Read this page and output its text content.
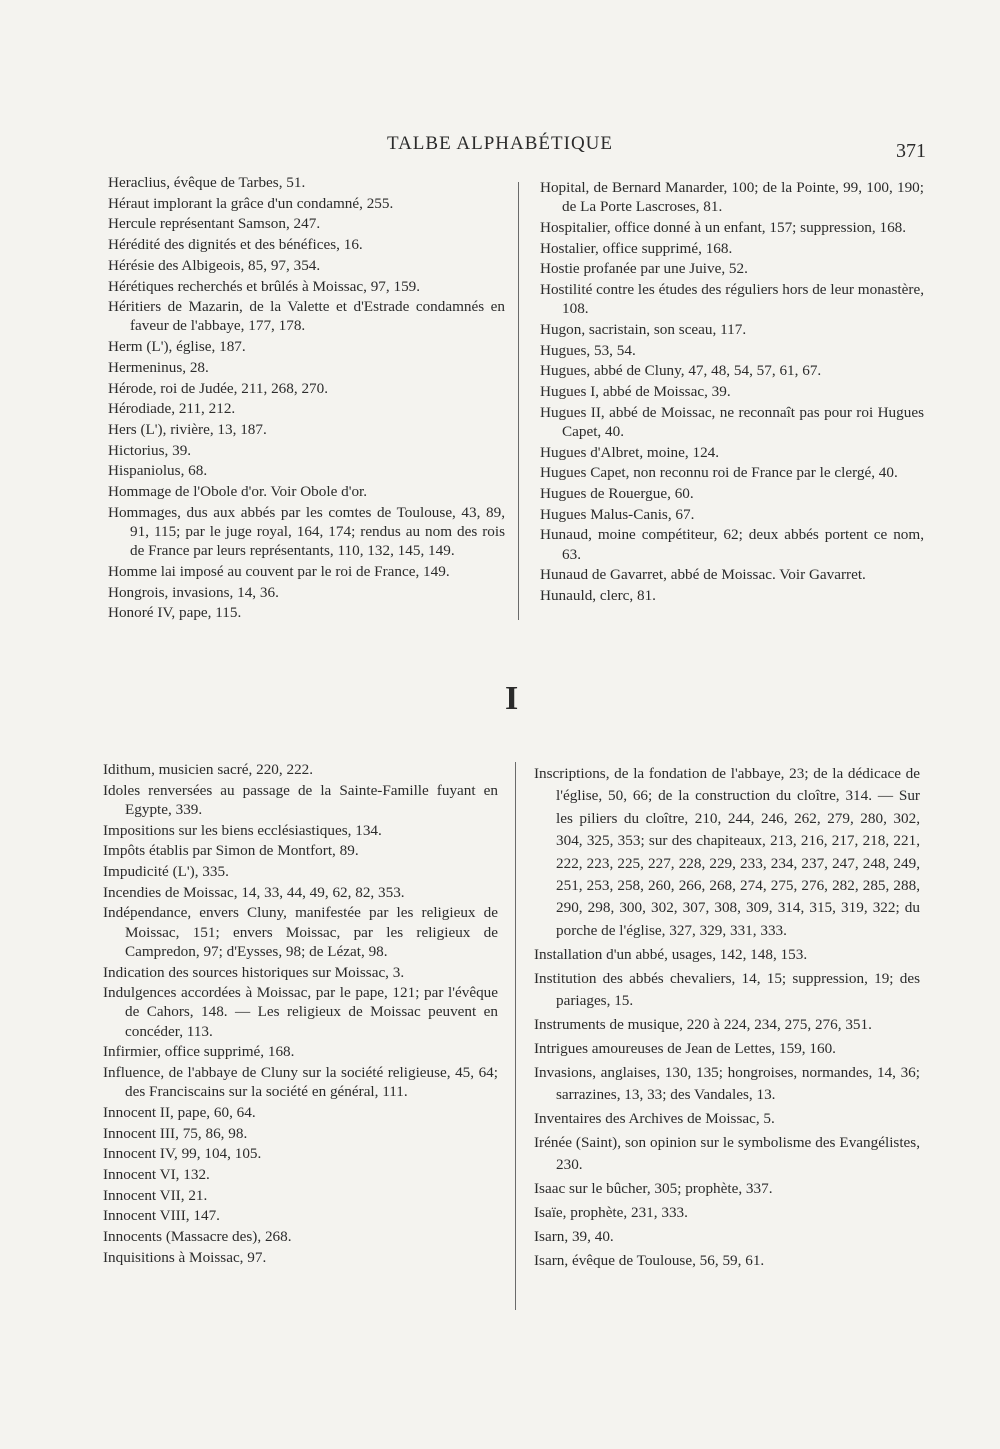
TALBE ALPHABÉTIQUE	371

Heraclius, évêque de Tarbes, 51.

Héraut implorant la grâce d'un condamné, 255.

Hercule représentant Samson, 247.

Hérédité des dignités et des bénéfices, 16.

Hérésie des Albigeois, 85, 97, 354.

Hérétiques recherchés et brûlés à Moissac, 97, 159.

Héritiers de Mazarin, de la Valette et d'Estrade condamnés en faveur de l'abbaye, 177, 178.

Herm (L'), église, 187.

Hermeninus, 28.

Hérode, roi de Judée, 211, 268, 270.

Hérodiade, 211, 212.

Hers (L'), rivière, 13, 187.

Hictorius, 39.

Hispaniolus, 68.

Hommage de l'Obole d'or. Voir Obole d'or.

Hommages, dus aux abbés par les comtes de Toulouse, 43, 89, 91, 115; par le juge royal, 164, 174; rendus au nom des rois de France par leurs représentants, 110, 132, 145, 149.

Homme lai imposé au couvent par le roi de France, 149.

Hongrois, invasions, 14, 36.

Honoré IV, pape, 115.

Hopital, de Bernard Manarder, 100; de la Pointe, 99, 100, 190; de La Porte Lascroses, 81.

Hospitalier, office donné à un enfant, 157; suppression, 168.

Hostalier, office supprimé, 168.

Hostie profanée par une Juive, 52.

Hostilité contre les études des réguliers hors de leur monastère, 108.

Hugon, sacristain, son sceau, 117.

Hugues, 53, 54.

Hugues, abbé de Cluny, 47, 48, 54, 57, 61, 67.

Hugues I, abbé de Moissac, 39.

Hugues II, abbé de Moissac, ne reconnaît pas pour roi Hugues Capet, 40.

Hugues d'Albret, moine, 124.

Hugues Capet, non reconnu roi de France par le clergé, 40.

Hugues de Rouergue, 60.

Hugues Malus-Canis, 67.

Hunaud, moine compétiteur, 62; deux abbés portent ce nom, 63.

Hunaud de Gavarret, abbé de Moissac. Voir Gavarret.

Hunauld, clerc, 81.

I

Idithum, musicien sacré, 220, 222.

Idoles renversées au passage de la Sainte-Famille fuyant en Egypte, 339.

Impositions sur les biens ecclésiastiques, 134.

Impôts établis par Simon de Montfort, 89.

Impudicité (L'), 335.

Incendies de Moissac, 14, 33, 44, 49, 62, 82, 353.

Indépendance, envers Cluny, manifestée par les religieux de Moissac, 151; envers Moissac, par les religieux de Campredon, 97; d'Eysses, 98; de Lézat, 98.

Indication des sources historiques sur Moissac, 3.

Indulgences accordées à Moissac, par le pape, 121; par l'évêque de Cahors, 148. — Les religieux de Moissac peuvent en concéder, 113.

Infirmier, office supprimé, 168.

Influence, de l'abbaye de Cluny sur la société religieuse, 45, 64; des Franciscains sur la société en général, 111.

Innocent II, pape, 60, 64.

Innocent III, 75, 86, 98.

Innocent IV, 99, 104, 105.

Innocent VI, 132.

Innocent VII, 21.

Innocent VIII, 147.

Innocents (Massacre des), 268.

Inquisitions à Moissac, 97.

Inscriptions, de la fondation de l'abbaye, 23; de la dédicace de l'église, 50, 66; de la construction du cloître, 314. — Sur les piliers du cloître, 210, 244, 246, 262, 279, 280, 302, 304, 325, 353; sur des chapiteaux, 213, 216, 217, 218, 221, 222, 223, 225, 227, 228, 229, 233, 234, 237, 247, 248, 249, 251, 253, 258, 260, 266, 268, 274, 275, 276, 282, 285, 288, 290, 298, 300, 302, 307, 308, 309, 314, 315, 319, 322; du porche de l'église, 327, 329, 331, 333.

Installation d'un abbé, usages, 142, 148, 153.

Institution des abbés chevaliers, 14, 15; suppression, 19; des pariages, 15.

Instruments de musique, 220 à 224, 234, 275, 276, 351.

Intrigues amoureuses de Jean de Lettes, 159, 160.

Invasions, anglaises, 130, 135; hongroises, normandes, 14, 36; sarrazines, 13, 33; des Vandales, 13.

Inventaires des Archives de Moissac, 5.

Irénée (Saint), son opinion sur le symbolisme des Evangélistes, 230.

Isaac sur le bûcher, 305; prophète, 337.

Isaïe, prophète, 231, 333.

Isarn, 39, 40.

Isarn, évêque de Toulouse, 56, 59, 61.
